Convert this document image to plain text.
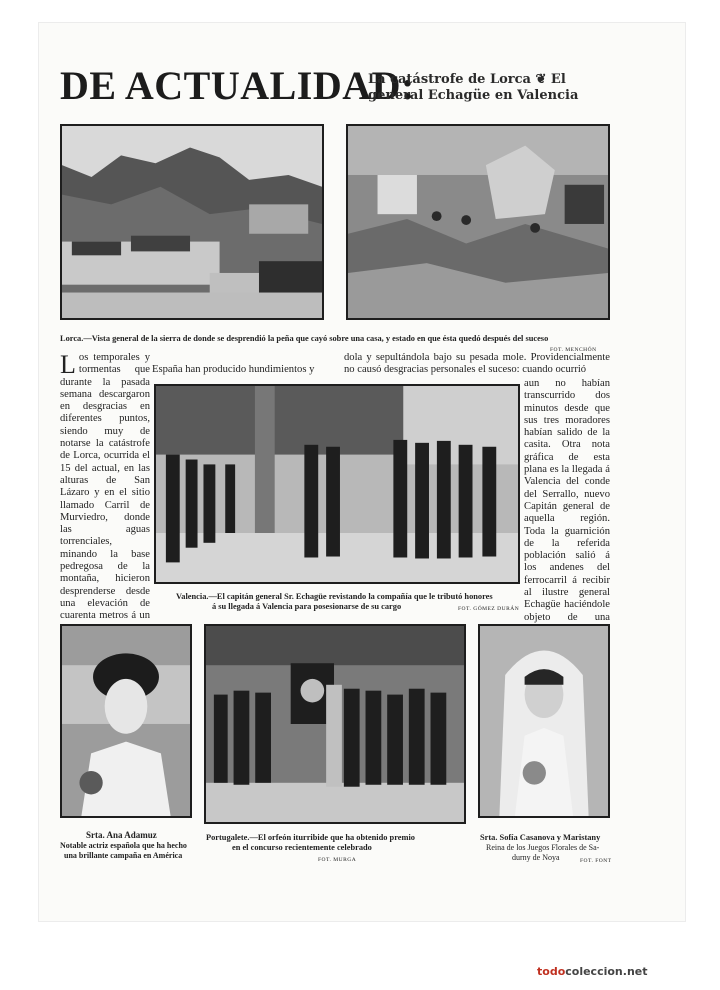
DE ACTUALIDAD:
La catástrofe de Lorca ❦ El general Echagüe en Valencia
Lorca.—Vista general de la sierra de donde se desprendió la peña que cayó sobre una casa, y estado en que ésta quedó después del suceso
FOT. MENCHÓN
Los temporales y tormentas que durante la pasada semana descargaron en desgracias en diferentes puntos, siendo muy de notarse la catástrofe de Lorca, ocurrida el 15 del actual, en las alturas de San Lázaro y en el sitio llamado Carril de Murviedro, donde las aguas torrenciales, minando la base pedregosa de la montaña, hicieron desprenderse desde una elevación de cuarenta metros á un
España han producido hundimientos y
dola y sepultándola bajo su pesada mole. Providencialmente no causó desgracias personales el suceso: cuando ocurrió
aun no habían transcurrido dos minutos desde que sus tres moradores habían salido de la casita. Otra nota gráfica de esta plana es la llegada á Valencia del conde del Serrallo, nuevo Capitán general de aquella región. Toda la guarnición de la referida población salió á los andenes del ferrocarril á recibir al ilustre general Echagüe haciéndole objeto de una
Valencia.—El capitán general Sr. Echagüe revistando la compañía que le tributó honores
á su llegada á Valencia para posesionarse de su cargo	FOT. GÓMEZ DURÁN
Srta. Ana Adamuz
Notable actriz española que ha hecho
una brillante campaña en América
Portugalete.—El orfeón iturribide que ha obtenido premio
en el concurso recientemente celebrado
FOT. MURGA
Srta. Sofía Casanova y Maristany
Reina de los Juegos Florales de Sa-
durny de Noya	FOT. FONT
todocoleccion.net
